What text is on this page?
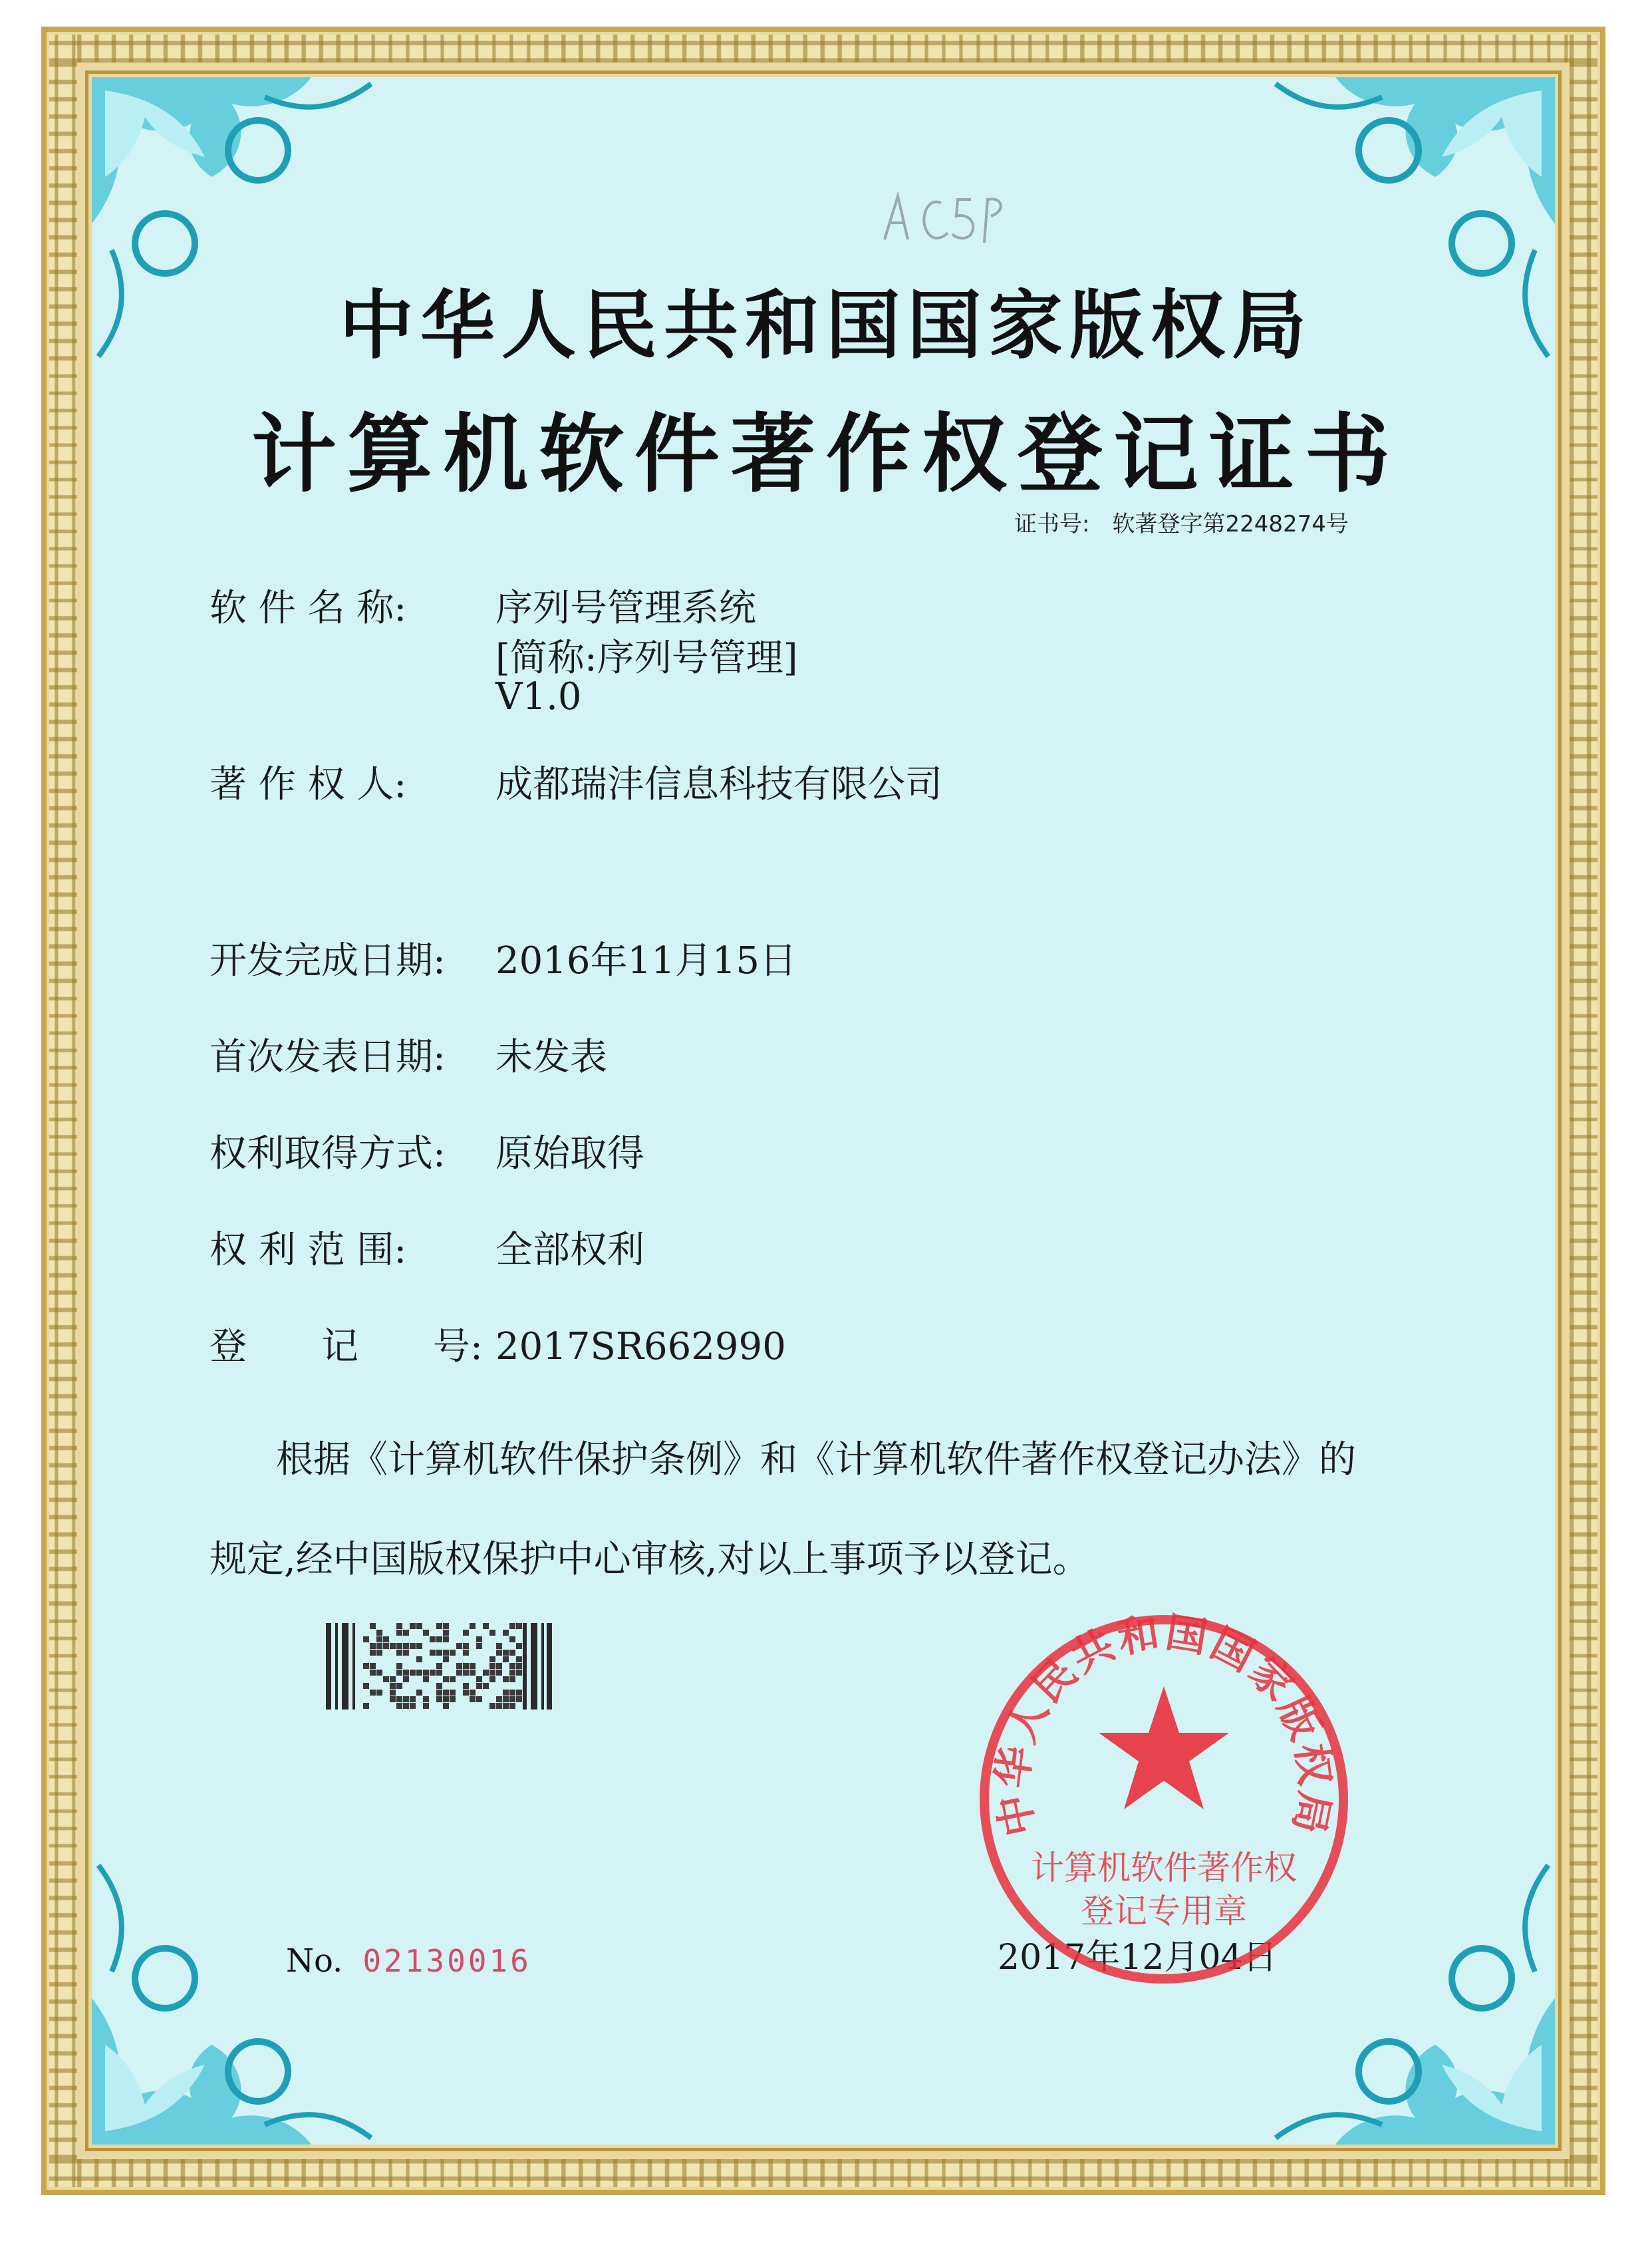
中华人民共和国国家版权局
计算机软件著作权登记证书
证书号: 软著登字第2248274号
软 件 名 称: 序列号管理系统
[简称:序列号管理]
V1.0
著 作 权 人: 成都瑞沣信息科技有限公司
开发完成日期: 2016年11月15日
首次发表日期: 未发表
权利取得方式: 原始取得
权 利 范 围: 全部权利
登　　记　　号: 2017SR662990
根据《计算机软件保护条例》和《计算机软件著作权登记办法》的
规定,经中国版权保护中心审核,对以上事项予以登记。
No. 02130016	2017年12月04日
中华人民共和国国家版权局
计算机软件著作权
登记专用章
